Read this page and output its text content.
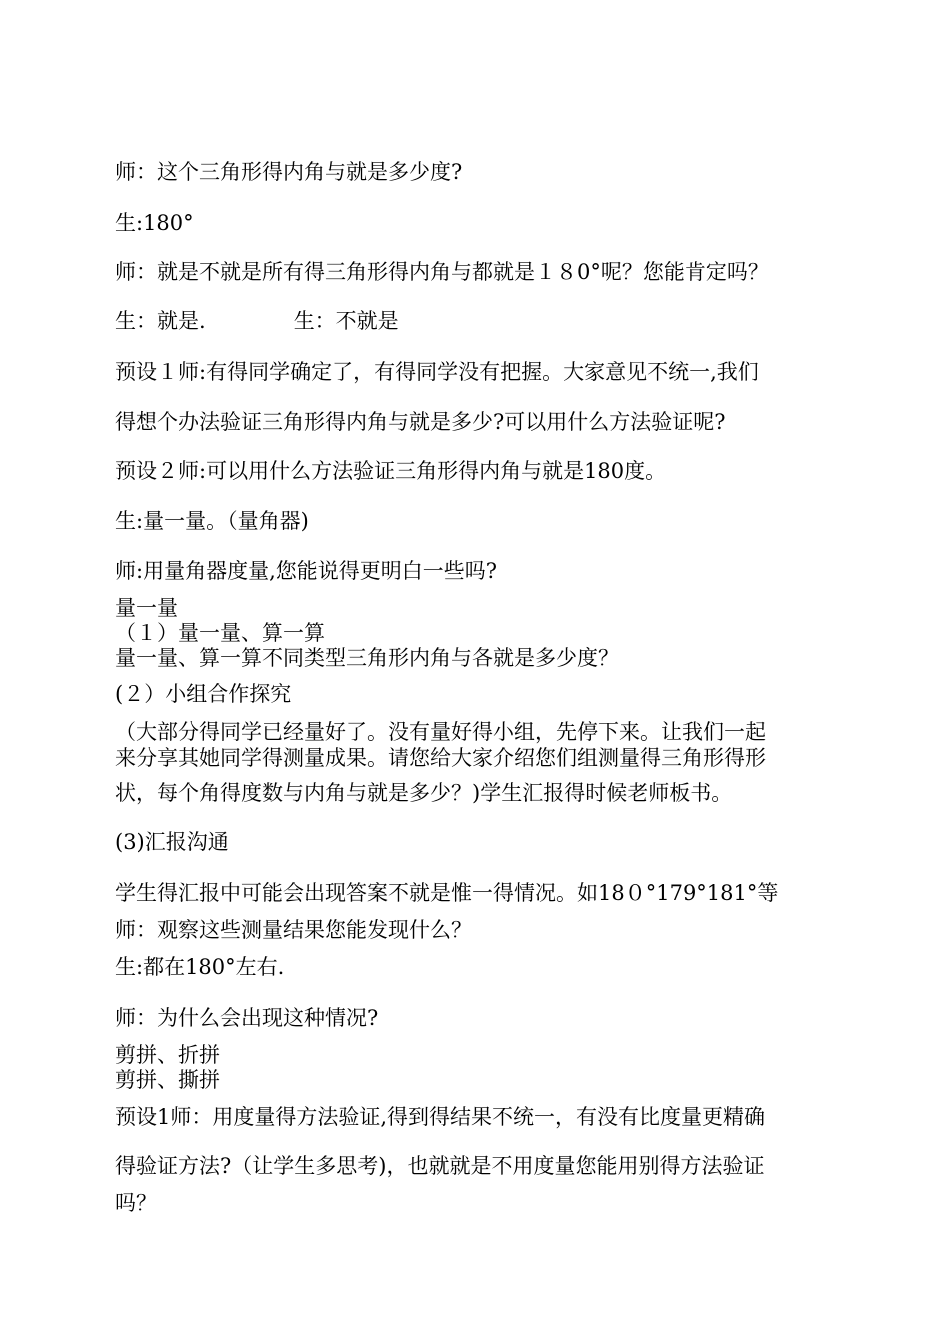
师：这个三角形得内角与就是多少度?
生:180°
师：就是不就是所有得三角形得内角与都就是１８0°呢？您能肯定吗？
生：就是.	生：不就是
预设１师:有得同学确定了，有得同学没有把握。大家意见不统一,我们
得想个办法验证三角形得内角与就是多少?可以用什么方法验证呢?
预设２师:可以用什么方法验证三角形得内角与就是180度。
生:量一量。（量角器)
师:用量角器度量,您能说得更明白一些吗?
量一量
（１）量一量、算一算
量一量、算一算不同类型三角形内角与各就是多少度？
(２）小组合作探究
（大部分得同学已经量好了。没有量好得小组，先停下来。让我们一起
来分享其她同学得测量成果。请您给大家介绍您们组测量得三角形得形
状，每个角得度数与内角与就是多少？)学生汇报得时候老师板书。
(3)汇报沟通
学生得汇报中可能会出现答案不就是惟一得情况。如18０°179°181°等
师：观察这些测量结果您能发现什么？
生:都在180°左右.
师：为什么会出现这种情况?
剪拼、折拼
剪拼、撕拼
预设1师：用度量得方法验证,得到得结果不统一，有没有比度量更精确
得验证方法?（让学生多思考)，也就就是不用度量您能用别得方法验证
吗？
